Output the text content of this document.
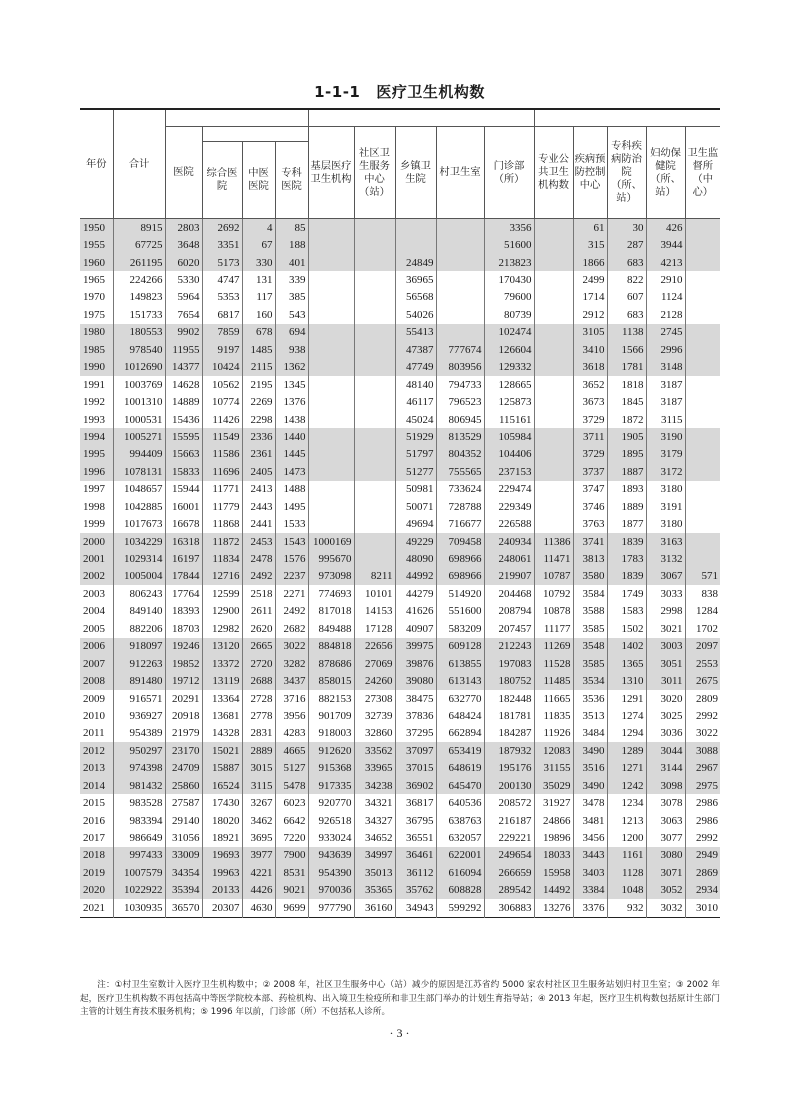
1-1-1 医疗卫生机构数
年份	合计														
		医院				基层医疗卫生机构	社区卫生服务中心（站）	乡镇卫生院	村卫生室	门诊部（所）	专业公共卫生机构数	疾病预防控制中心	专科疾病防治院（所、站）	妇幼保健院（所、站）	卫生监督所（中心）
			综合医院	中医医院	专科医院										
1950	8915	2803	2692	4	85					3356		61	30	426	
1955	67725	3648	3351	67	188					51600		315	287	3944	
1960	261195	6020	5173	330	401			24849		213823		1866	683	4213	
1965	224266	5330	4747	131	339			36965		170430		2499	822	2910	
1970	149823	5964	5353	117	385			56568		79600		1714	607	1124	
1975	151733	7654	6817	160	543			54026		80739		2912	683	2128	
1980	180553	9902	7859	678	694			55413		102474		3105	1138	2745	
1985	978540	11955	9197	1485	938			47387	777674	126604		3410	1566	2996	
1990	1012690	14377	10424	2115	1362			47749	803956	129332		3618	1781	3148	
1991	1003769	14628	10562	2195	1345			48140	794733	128665		3652	1818	3187	
1992	1001310	14889	10774	2269	1376			46117	796523	125873		3673	1845	3187	
1993	1000531	15436	11426	2298	1438			45024	806945	115161		3729	1872	3115	
1994	1005271	15595	11549	2336	1440			51929	813529	105984		3711	1905	3190	
1995	994409	15663	11586	2361	1445			51797	804352	104406		3729	1895	3179	
1996	1078131	15833	11696	2405	1473			51277	755565	237153		3737	1887	3172	
1997	1048657	15944	11771	2413	1488			50981	733624	229474		3747	1893	3180	
1998	1042885	16001	11779	2443	1495			50071	728788	229349		3746	1889	3191	
1999	1017673	16678	11868	2441	1533			49694	716677	226588		3763	1877	3180	
2000	1034229	16318	11872	2453	1543	1000169		49229	709458	240934	11386	3741	1839	3163	
2001	1029314	16197	11834	2478	1576	995670		48090	698966	248061	11471	3813	1783	3132	
2002	1005004	17844	12716	2492	2237	973098	8211	44992	698966	219907	10787	3580	1839	3067	571
2003	806243	17764	12599	2518	2271	774693	10101	44279	514920	204468	10792	3584	1749	3033	838
2004	849140	18393	12900	2611	2492	817018	14153	41626	551600	208794	10878	3588	1583	2998	1284
2005	882206	18703	12982	2620	2682	849488	17128	40907	583209	207457	11177	3585	1502	3021	1702
2006	918097	19246	13120	2665	3022	884818	22656	39975	609128	212243	11269	3548	1402	3003	2097
2007	912263	19852	13372	2720	3282	878686	27069	39876	613855	197083	11528	3585	1365	3051	2553
2008	891480	19712	13119	2688	3437	858015	24260	39080	613143	180752	11485	3534	1310	3011	2675
2009	916571	20291	13364	2728	3716	882153	27308	38475	632770	182448	11665	3536	1291	3020	2809
2010	936927	20918	13681	2778	3956	901709	32739	37836	648424	181781	11835	3513	1274	3025	2992
2011	954389	21979	14328	2831	4283	918003	32860	37295	662894	184287	11926	3484	1294	3036	3022
2012	950297	23170	15021	2889	4665	912620	33562	37097	653419	187932	12083	3490	1289	3044	3088
2013	974398	24709	15887	3015	5127	915368	33965	37015	648619	195176	31155	3516	1271	3144	2967
2014	981432	25860	16524	3115	5478	917335	34238	36902	645470	200130	35029	3490	1242	3098	2975
2015	983528	27587	17430	3267	6023	920770	34321	36817	640536	208572	31927	3478	1234	3078	2986
2016	983394	29140	18020	3462	6642	926518	34327	36795	638763	216187	24866	3481	1213	3063	2986
2017	986649	31056	18921	3695	7220	933024	34652	36551	632057	229221	19896	3456	1200	3077	2992
2018	997433	33009	19693	3977	7900	943639	34997	36461	622001	249654	18033	3443	1161	3080	2949
2019	1007579	34354	19963	4221	8531	954390	35013	36112	616094	266659	15958	3403	1128	3071	2869
2020	1022922	35394	20133	4426	9021	970036	35365	35762	608828	289542	14492	3384	1048	3052	2934
2021	1030935	36570	20307	4630	9699	977790	36160	34943	599292	306883	13276	3376	932	3032	3010
注：①村卫生室数计入医疗卫生机构数中；② 2008 年，社区卫生服务中心（站）减少的原因是江苏省约 5000 家农村社区卫生服务站划归村卫生室；③ 2002 年起，医疗卫生机构数不再包括高中等医学院校本部、药检机构、出入境卫生检疫所和非卫生部门举办的计划生育指导站；④ 2013 年起，医疗卫生机构数包括原计生部门主管的计划生育技术服务机构；⑤ 1996 年以前，门诊部（所）不包括私人诊所。
· 3 ·
